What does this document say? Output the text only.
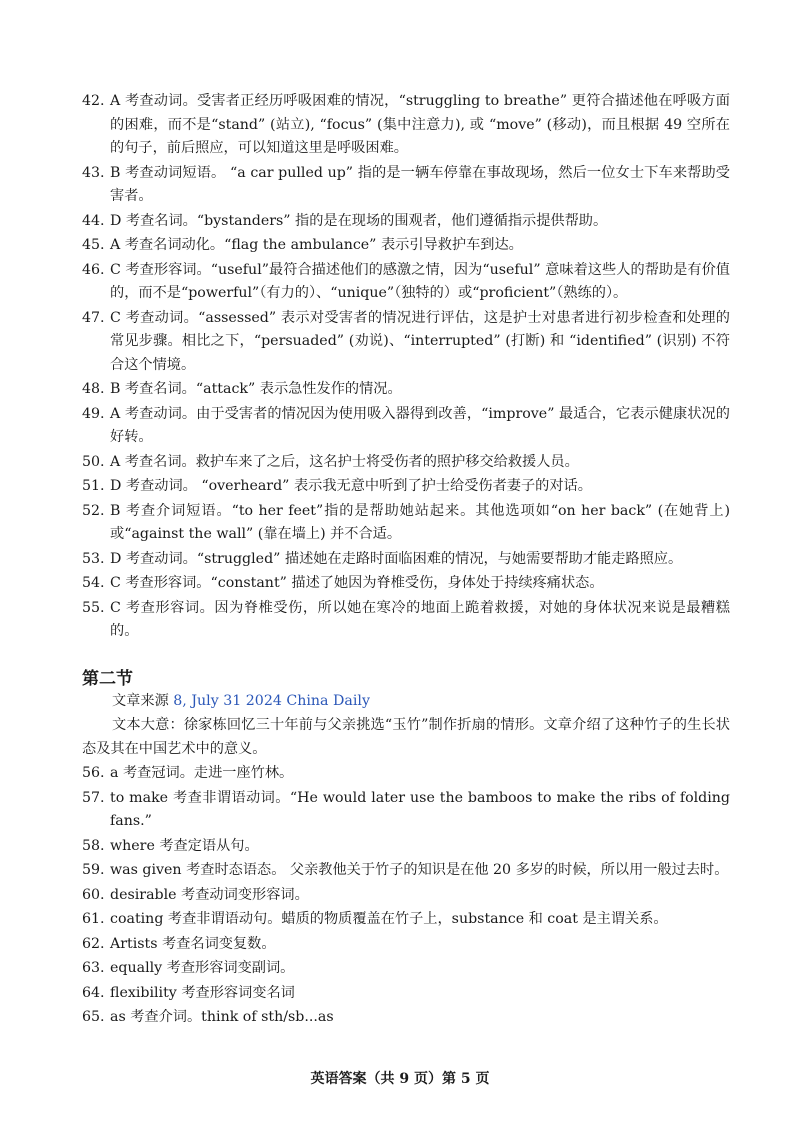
42. A 考查动词。受害者正经历呼吸困难的情况，“struggling to breathe” 更符合描述他在呼吸方面的困难，而不是“stand” (站立), “focus” (集中注意力), 或 “move” (移动)，而且根据 49 空所在的句子，前后照应，可以知道这里是呼吸困难。
43. B 考查动词短语。 “a car pulled up” 指的是一辆车停靠在事故现场，然后一位女士下车来帮助受害者。
44. D 考查名词。“bystanders” 指的是在现场的围观者，他们遵循指示提供帮助。
45. A 考查名词动化。“flag the ambulance” 表示引导救护车到达。
46. C 考查形容词。“useful”最符合描述他们的感激之情，因为“useful” 意味着这些人的帮助是有价值的，而不是“powerful”（有力的）、“unique”（独特的）或“proficient”（熟练的）。
47. C 考查动词。“assessed” 表示对受害者的情况进行评估，这是护士对患者进行初步检查和处理的常见步骤。相比之下，“persuaded” (劝说)、“interrupted” (打断) 和 “identified” (识别) 不符合这个情境。
48. B 考查名词。“attack” 表示急性发作的情况。
49. A 考查动词。由于受害者的情况因为使用吸入器得到改善，“improve” 最适合，它表示健康状况的好转。
50. A 考查名词。救护车来了之后，这名护士将受伤者的照护移交给救援人员。
51. D 考查动词。 “overheard” 表示我无意中听到了护士给受伤者妻子的对话。
52. B 考查介词短语。“to her feet”指的是帮助她站起来。其他选项如“on her back” (在她背上) 或“against the wall” (靠在墙上) 并不合适。
53. D 考查动词。“struggled” 描述她在走路时面临困难的情况，与她需要帮助才能走路照应。
54. C 考查形容词。“constant” 描述了她因为脊椎受伤，身体处于持续疼痛状态。
55. C 考查形容词。因为脊椎受伤，所以她在寒冷的地面上跪着救援，对她的身体状况来说是最糟糕的。
第二节
文章来源 8, July 31 2024 China Daily
文本大意：徐家栋回忆三十年前与父亲挑选“玉竹”制作折扇的情形。文章介绍了这种竹子的生长状态及其在中国艺术中的意义。
56. a 考查冠词。走进一座竹林。
57. to make 考查非谓语动词。“He would later use the bamboos to make the ribs of folding fans.”
58. where 考查定语从句。
59. was given 考查时态语态。 父亲教他关于竹子的知识是在他 20 多岁的时候，所以用一般过去时。
60. desirable 考查动词变形容词。
61. coating 考查非谓语动句。蜡质的物质覆盖在竹子上，substance 和 coat 是主谓关系。
62. Artists 考查名词变复数。
63. equally 考查形容词变副词。
64. flexibility 考查形容词变名词
65. as 考查介词。think of sth/sb...as
英语答案（共 9 页）第 5 页
